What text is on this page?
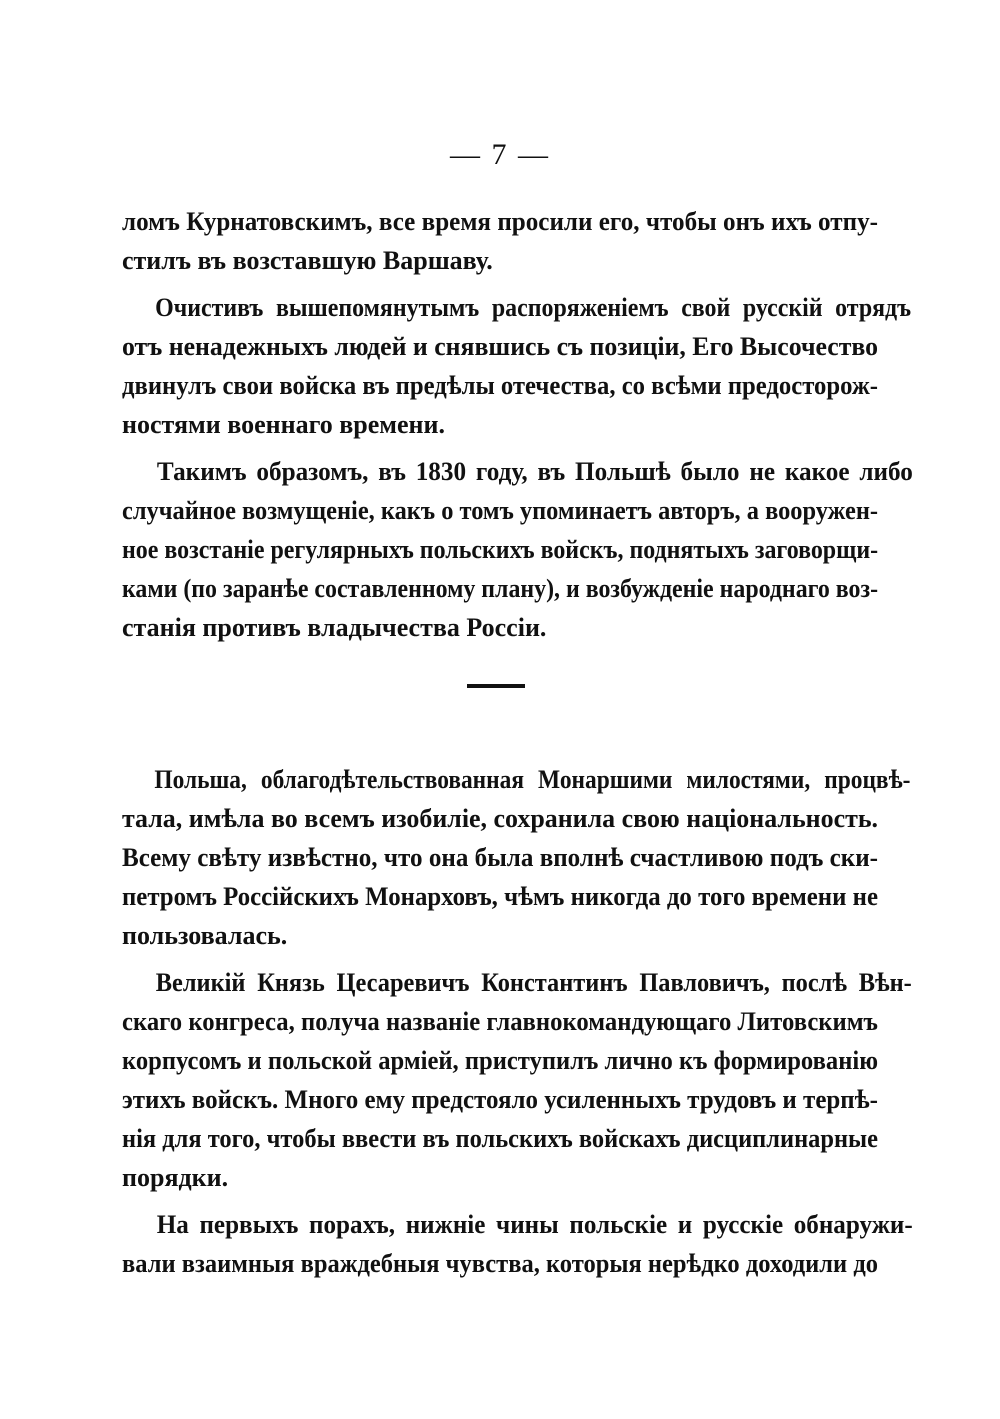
— 7 —
ломъ Курнатовскимъ, все время просили его, чтобы онъ ихъ отпу-
стилъ въ возставшую Варшаву.
Очистивъ вышепомянутымъ распоряженіемъ свой русскій отрядъ
отъ ненадежныхъ людей и снявшись съ позиціи, Его Высочество
двинулъ свои войска въ предѣлы отечества, со всѣми предосторож-
ностями военнаго времени.
Такимъ образомъ, въ 1830 году, въ Польшѣ было не какое либо
случайное возмущеніе, какъ о томъ упоминаетъ авторъ, а вооружен-
ное возстаніе регулярныхъ польскихъ войскъ, поднятыхъ заговорщи-
ками (по заранѣе составленному плану), и возбужденіе народнаго воз-
станія противъ владычества Россіи.
Польша, облагодѣтельствованная Монаршими милостями, процвѣ-
тала, имѣла во всемъ изобиліе, сохранила свою національность.
Всему свѣту извѣстно, что она была вполнѣ счастливою подъ ски-
петромъ Россійскихъ Монарховъ, чѣмъ никогда до того времени не
пользовалась.
Великій Князь Цесаревичъ Константинъ Павловичъ, послѣ Вѣн-
скаго конгреса, получа названіе главнокомандующаго Литовскимъ
корпусомъ и польской арміей, приступилъ лично къ формированію
этихъ войскъ. Много ему предстояло усиленныхъ трудовъ и терпѣ-
нія для того, чтобы ввести въ польскихъ войскахъ дисциплинарные
порядки.
На первыхъ порахъ, нижніе чины польскіе и русскіе обнаружи-
вали взаимныя враждебныя чувства, которыя нерѣдко доходили до
